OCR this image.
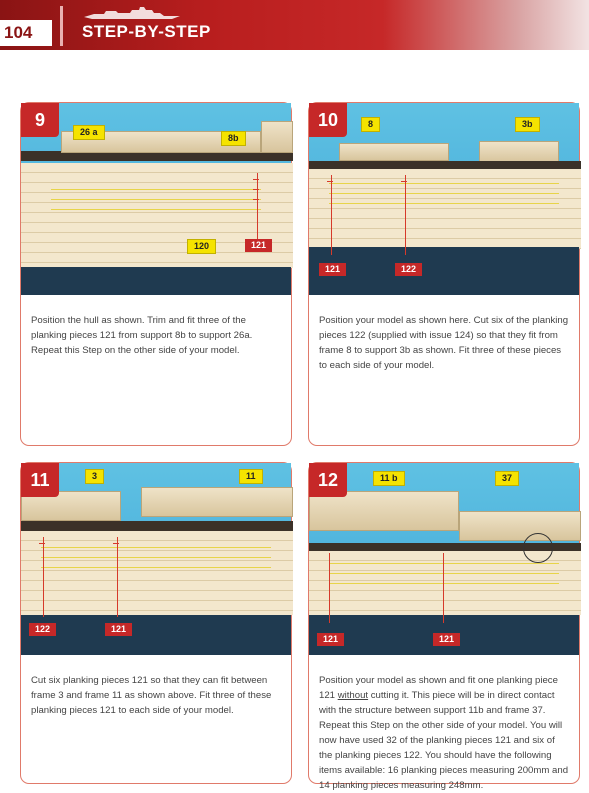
104	STEP-BY-STEP
9
26 a
8b
120	121
Position the hull as shown. Trim and fit three of the planking pieces 121 from support 8b to support 26a. Repeat this Step on the other side of your model.
10	8	3b
121	122
Position your model as shown here. Cut six of the planking pieces 122 (supplied with issue 124) so that they fit from frame 8 to support 3b as shown. Fit three of these pieces to each side of your model.
11	3	11
122	121
Cut six planking pieces 121 so that they can fit between frame 3 and frame 11 as shown above. Fit three of these planking pieces 121 to each side of your model.
12	11 b	37
121	121
Position your model as shown and fit one planking piece 121 without cutting it. This piece will be in direct contact with the structure between support 11b and frame 37. Repeat this Step on the other side of your model. You will now have used 32 of the planking pieces 121 and six of the planking pieces 122. You should have the following items available: 16 planking pieces measuring 200mm and 14 planking pieces measuring 248mm.
